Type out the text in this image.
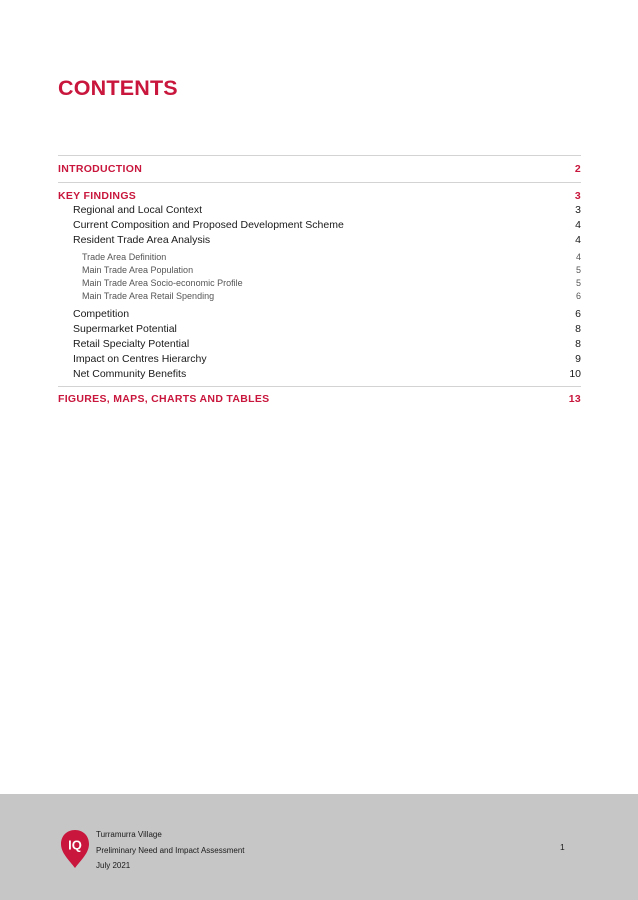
CONTENTS
INTRODUCTION	2
KEY FINDINGS	3
Regional and Local Context	3
Current Composition and Proposed Development Scheme	4
Resident Trade Area Analysis	4
Trade Area Definition	4
Main Trade Area Population	5
Main Trade Area Socio-economic Profile	5
Main Trade Area Retail Spending	6
Competition	6
Supermarket Potential	8
Retail Specialty Potential	8
Impact on Centres Hierarchy	9
Net Community Benefits	10
FIGURES, MAPS, CHARTS AND TABLES	13
IQ
Turramurra Village
Preliminary Need and Impact Assessment
July 2021
1
